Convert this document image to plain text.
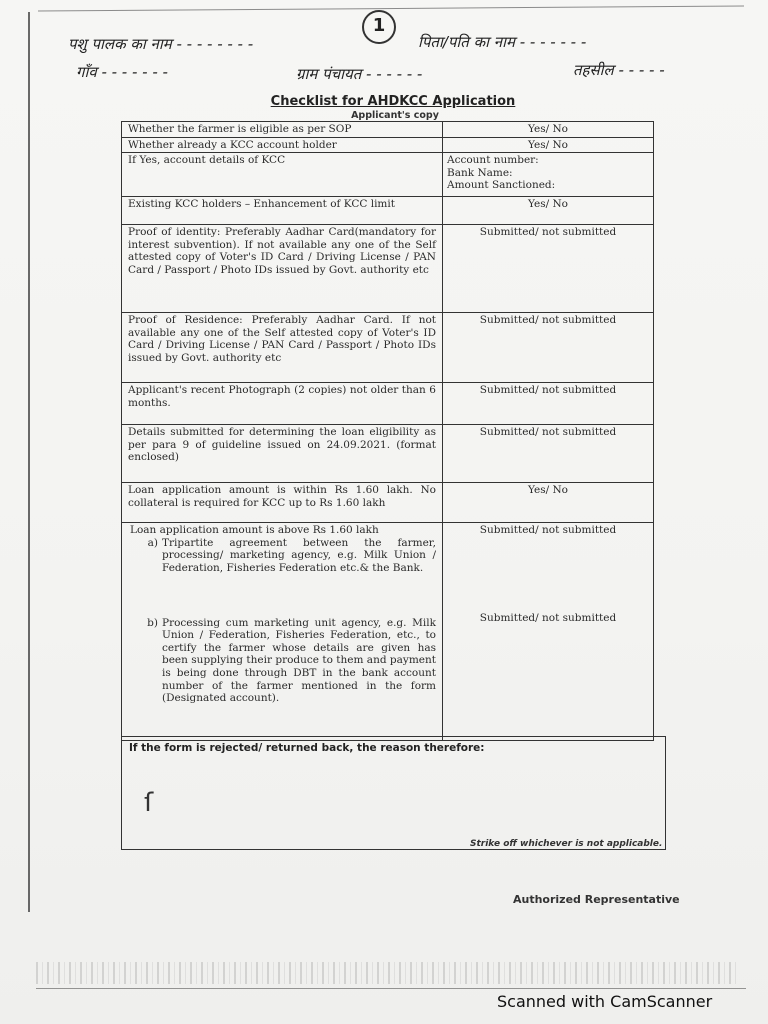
1
पशु पालक का नाम - - - - - - - -	पिता/पति का नाम - - - - - - -
गाँव - - - - - - -	ग्राम पंचायत - - - - - -	तहसील - - - - -
Checklist for AHDKCC Application
Applicant's copy
Whether the farmer is eligible as per SOP	Yes/ No
Whether already a KCC account holder	Yes/ No
If Yes, account details of KCC	Account number:
Bank Name:
Amount Sanctioned:

Existing KCC holders – Enhancement of KCC limit	Yes/ No
Proof of identity: Preferably Aadhar Card(mandatory for interest subvention). If not available any one of the Self attested copy of Voter's ID Card / Driving License / PAN Card / Passport / Photo IDs issued by Govt. authority etc	Submitted/ not submitted
Proof of Residence: Preferably Aadhar Card. If not available any one of the Self attested copy of Voter's ID Card / Driving License / PAN Card / Passport / Photo IDs issued by Govt. authority etc	Submitted/ not submitted
Applicant's recent Photograph (2 copies) not older than 6 months.	Submitted/ not submitted
Details submitted for determining the loan eligibility as per para 9 of guideline issued on 24.09.2021. (format enclosed)	Submitted/ not submitted
Loan application amount is within Rs 1.60 lakh. No collateral is required for KCC up to Rs 1.60 lakh	Yes/ No

Loan application amount is above Rs 1.60 lakh
a) Tripartite agreement between the farmer, processing/ marketing agency, e.g. Milk Union / Federation, Fisheries Federation etc.& the Bank.	Submitted/ not submitted

b) Processing cum marketing unit agency, e.g. Milk Union / Federation, Fisheries Federation, etc., to certify the farmer whose details are given has been supplying their produce to them and payment is being done through DBT in the bank account number of the farmer mentioned in the form (Designated account).	Submitted/ not submitted
If the form is rejected/ returned back, the reason therefore:
ſ
Strike off whichever is not applicable.
Authorized Representative
Scanned with CamScanner
